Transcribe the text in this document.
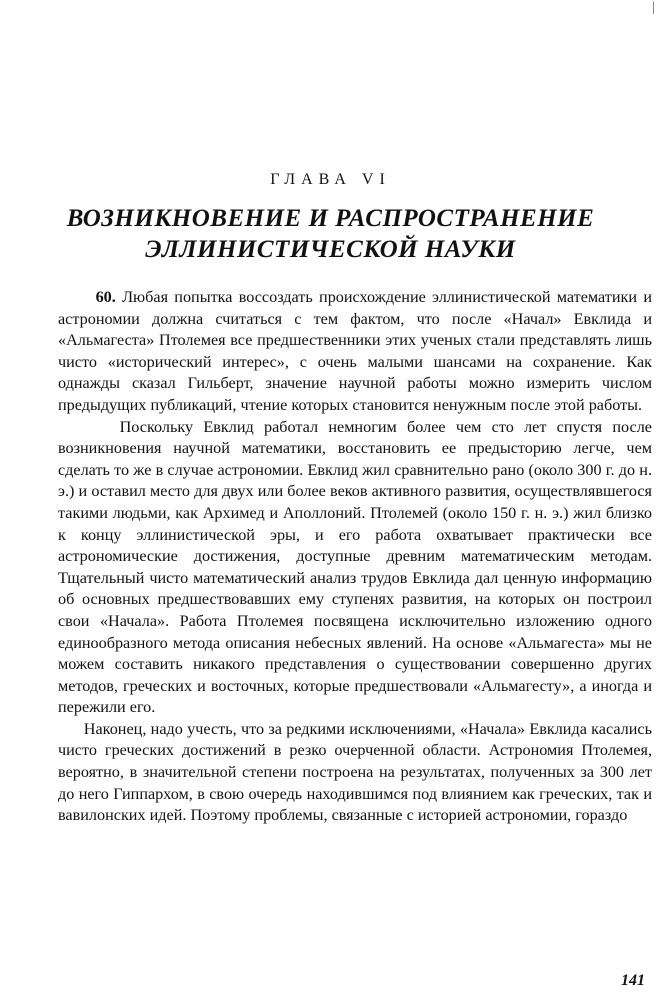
|
ГЛАВА VI
ВОЗНИКНОВЕНИЕ И РАСПРОСТРАНЕНИЕ
ЭЛЛИНИСТИЧЕСКОЙ НАУКИ

60. Любая попытка воссоздать происхождение эллинистической математики и астрономии должна считаться с тем фактом, что после «Начал» Евклида и «Альмагеста» Птолемея все предшественники этих ученых стали представлять лишь чисто «исторический интерес», с очень малыми шансами на сохранение. Как однажды сказал Гильберт, значение научной работы можно измерить числом предыдущих публикаций, чтение которых становится ненужным после этой работы.

Поскольку Евклид работал немногим более чем сто лет спустя после возникновения научной математики, восстановить ее предысторию легче, чем сделать то же в случае астрономии. Евклид жил сравнительно рано (около 300 г. до н. э.) и оставил место для двух или более веков активного развития, осуществлявшегося такими людьми, как Архимед и Аполлоний. Птолемей (около 150 г. н. э.) жил близко к концу эллинистической эры, и его работа охватывает практически все астрономические достижения, доступные древним математическим методам. Тщательный чисто математический анализ трудов Евклида дал ценную информацию об основных предшествовавших ему ступенях развития, на которых он построил свои «Начала». Работа Птолемея посвящена исключительно изложению одного единообразного метода описания небесных явлений. На основе «Альмагеста» мы не можем составить никакого представления о существовании совершенно других методов, греческих и восточных, которые предшествовали «Альмагесту», а иногда и пережили его.

Наконец, надо учесть, что за редкими исключениями, «Начала» Евклида касались чисто греческих достижений в резко очерченной области. Астрономия Птолемея, вероятно, в значительной степени построена на результатах, полученных за 300 лет до него Гиппархом, в свою очередь находившимся под влиянием как греческих, так и вавилонских идей. Поэтому проблемы, связанные с историей астрономии, гораздо

141
